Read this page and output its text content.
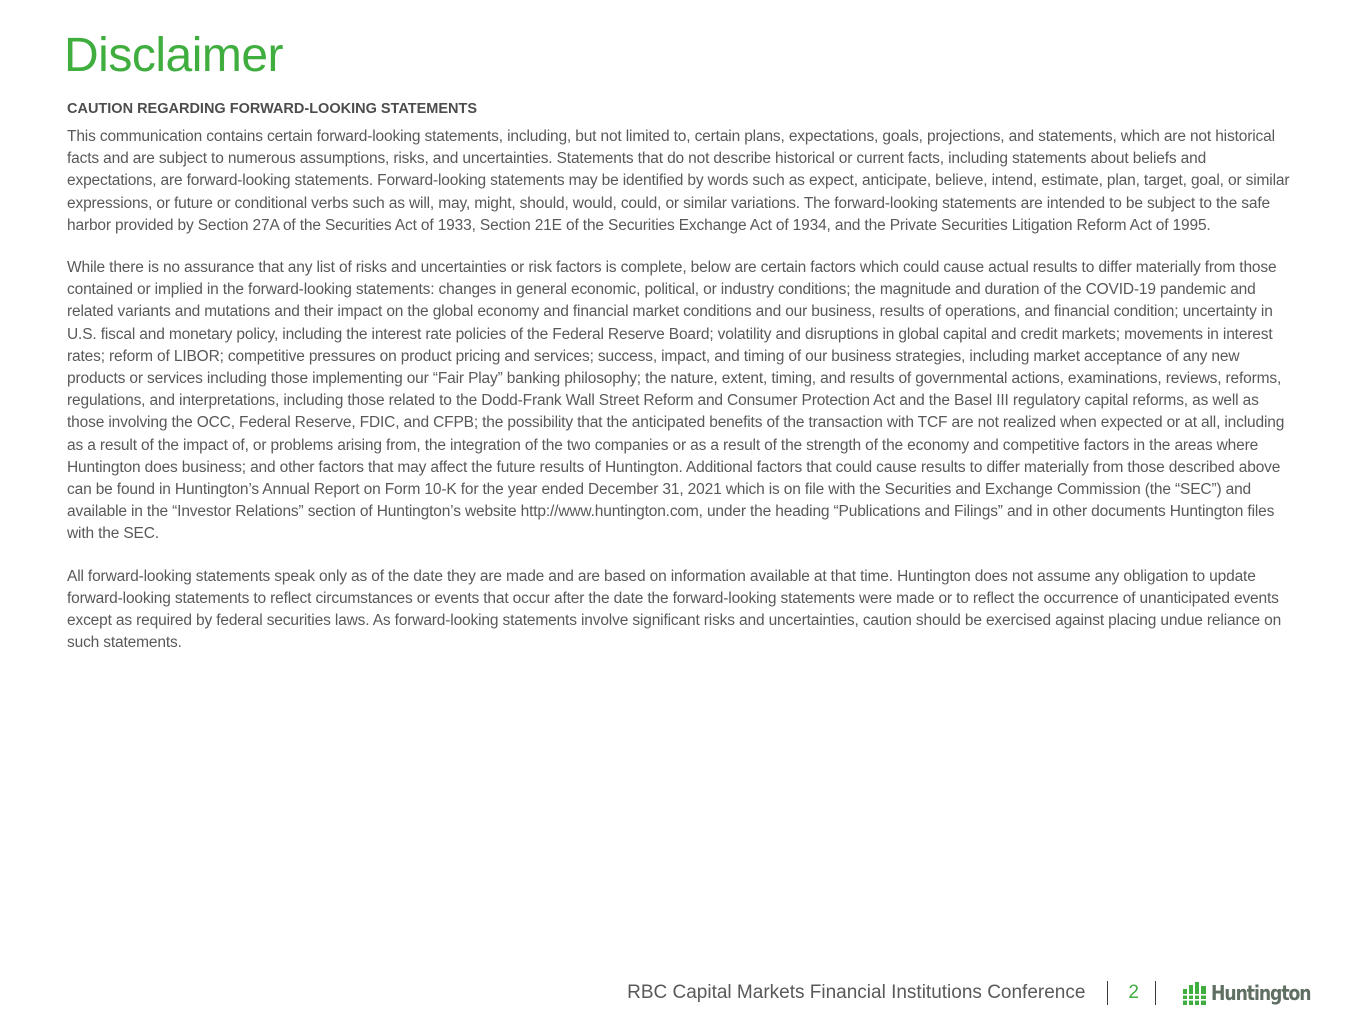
Disclaimer

CAUTION REGARDING FORWARD-LOOKING STATEMENTS

This communication contains certain forward-looking statements, including, but not limited to, certain plans, expectations, goals, projections, and statements, which are not historical facts and are subject to numerous assumptions, risks, and uncertainties. Statements that do not describe historical or current facts, including statements about beliefs and expectations, are forward-looking statements. Forward-looking statements may be identified by words such as expect, anticipate, believe, intend, estimate, plan, target, goal, or similar expressions, or future or conditional verbs such as will, may, might, should, would, could, or similar variations. The forward-looking statements are intended to be subject to the safe harbor provided by Section 27A of the Securities Act of 1933, Section 21E of the Securities Exchange Act of 1934, and the Private Securities Litigation Reform Act of 1995.

While there is no assurance that any list of risks and uncertainties or risk factors is complete, below are certain factors which could cause actual results to differ materially from those contained or implied in the forward-looking statements: changes in general economic, political, or industry conditions; the magnitude and duration of the COVID-19 pandemic and related variants and mutations and their impact on the global economy and financial market conditions and our business, results of operations, and financial condition; uncertainty in U.S. fiscal and monetary policy, including the interest rate policies of the Federal Reserve Board; volatility and disruptions in global capital and credit markets; movements in interest rates; reform of LIBOR; competitive pressures on product pricing and services; success, impact, and timing of our business strategies, including market acceptance of any new products or services including those implementing our “Fair Play” banking philosophy; the nature, extent, timing, and results of governmental actions, examinations, reviews, reforms, regulations, and interpretations, including those related to the Dodd-Frank Wall Street Reform and Consumer Protection Act and the Basel III regulatory capital reforms, as well as those involving the OCC, Federal Reserve, FDIC, and CFPB; the possibility that the anticipated benefits of the transaction with TCF are not realized when expected or at all, including as a result of the impact of, or problems arising from, the integration of the two companies or as a result of the strength of the economy and competitive factors in the areas where Huntington does business; and other factors that may affect the future results of Huntington. Additional factors that could cause results to differ materially from those described above can be found in Huntington’s Annual Report on Form 10-K for the year ended December 31, 2021 which is on file with the Securities and Exchange Commission (the “SEC”) and available in the “Investor Relations” section of Huntington’s website http://www.huntington.com, under the heading “Publications and Filings” and in other documents Huntington files with the SEC.

All forward-looking statements speak only as of the date they are made and are based on information available at that time. Huntington does not assume any obligation to update forward-looking statements to reflect circumstances or events that occur after the date the forward-looking statements were made or to reflect the occurrence of unanticipated events except as required by federal securities laws. As forward-looking statements involve significant risks and uncertainties, caution should be exercised against placing undue reliance on such statements.

RBC Capital Markets Financial Institutions Conference 2	Huntington
